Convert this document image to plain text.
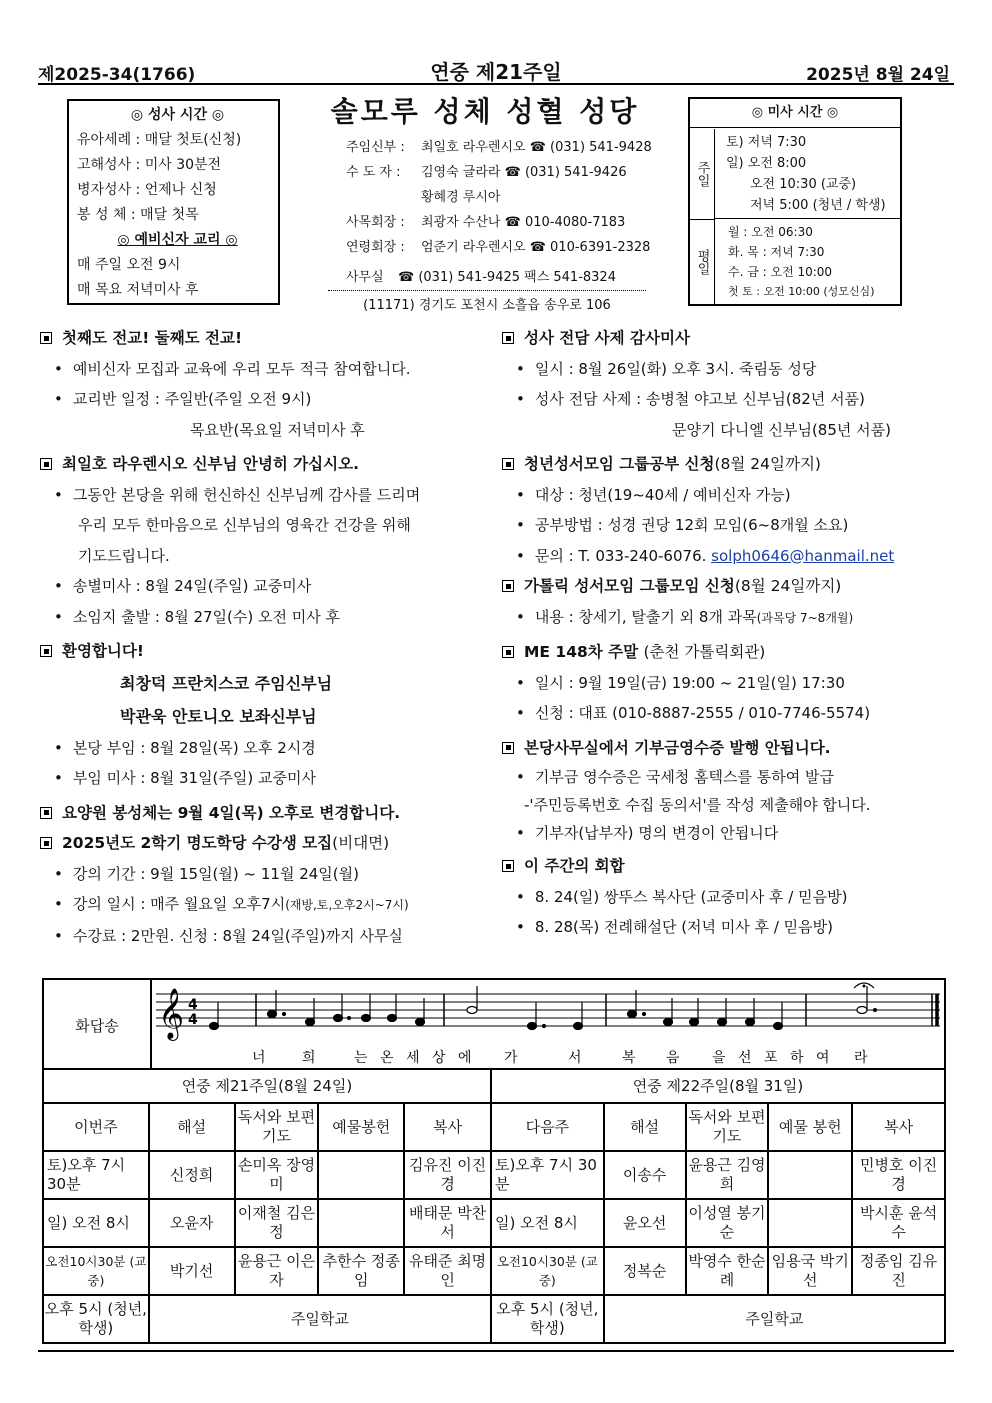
제2025-34(1766)	연중 제21주일	2025년 8월 24일
◎ 성사 시간 ◎
유아세례 : 매달 첫토(신청)
고해성사 : 미사 30분전
병자성사 : 언제나 신청
봉 성 체 : 매달 첫목
◎ 예비신자 교리 ◎
매 주일 오전 9시
매 목요 저녁미사 후
솔모루 성체 성혈 성당
주임신부 : 최일호 라우렌시오 ☎ (031) 541-9428
수 도 자 : 김영숙 글라라 ☎ (031) 541-9426
황혜경 루시아
사목회장 : 최광자 수산나 ☎ 010-4080-7183
연령회장 : 엄준기 라우렌시오 ☎ 010-6391-2328
사무실 ☎ (031) 541-9425 팩스 541-8324
(11171) 경기도 포천시 소흘읍 송우로 106
◎ 미사 시간 ◎
주일
토) 저녁 7:30
일) 오전 8:00
오전 10:30 (교중)
저녁 5:00 (청년 / 학생)
평일
월 : 오전 06:30
화. 목 : 저녁 7:30
수. 금 : 오전 10:00
첫 토 : 오전 10:00 (성모신심)
첫째도 전교! 둘째도 전교!
• 예비신자 모집과 교육에 우리 모두 적극 참여합니다.
• 교리반 일정 : 주일반(주일 오전 9시)
목요반(목요일 저녁미사 후
최일호 라우렌시오 신부님 안녕히 가십시오.
• 그동안 본당을 위해 헌신하신 신부님께 감사를 드리며
우리 모두 한마음으로 신부님의 영육간 건강을 위해
기도드립니다.
• 송별미사 : 8월 24일(주일) 교중미사
• 소임지 출발 : 8월 27일(수) 오전 미사 후
환영합니다!
최창덕 프란치스코 주임신부님
박관욱 안토니오 보좌신부님
• 본당 부임 : 8월 28일(목) 오후 2시경
• 부임 미사 : 8월 31일(주일) 교중미사
요양원 봉성체는 9월 4일(목) 오후로 변경합니다.
2025년도 2학기 명도학당 수강생 모집(비대면)
• 강의 기간 : 9월 15일(월) ~ 11월 24일(월)
• 강의 일시 : 매주 월요일 오후7시(재방,토,오후2시~7시)
• 수강료 : 2만원. 신청 : 8월 24일(주일)까지 사무실
성사 전담 사제 감사미사
• 일시 : 8월 26일(화) 오후 3시. 죽림동 성당
• 성사 전담 사제 : 송병철 야고보 신부님(82년 서품)
문양기 다니엘 신부님(85년 서품)
청년성서모임 그룹공부 신청(8월 24일까지)
• 대상 : 청년(19~40세 / 예비신자 가능)
• 공부방법 : 성경 권당 12회 모임(6~8개월 소요)
• 문의 : T. 033-240-6076. solph0646@hanmail.net
가톨릭 성서모임 그룹모임 신청(8월 24일까지)
• 내용 : 창세기, 탈출기 외 8개 과목(과목당 7~8개월)
ME 148차 주말 (춘천 가톨릭회관)
• 일시 : 9월 19일(금) 19:00 ~ 21일(일) 17:30
• 신청 : 대표 (010-8887-2555 / 010-7746-5574)
본당사무실에서 기부금영수증 발행 안됩니다.
• 기부금 영수증은 국세청 홈텍스를 통하여 발급
-'주민등록번호 수집 동의서'를 작성 제출해야 합니다.
• 기부자(납부자) 명의 변경이 안됩니다
이 주간의 회합
• 8. 24(일) 쌍뚜스 복사단 (교중미사 후 / 믿음방)
• 8. 28(목) 전례해설단 (저녁 미사 후 / 믿음방)
화답송 𝄞 4
4
너	희	는 온 세 상 에 가	서	복 음 을 선 포 하 여 라
연중 제21주일(8월 24일)					연중 제22주일(8월 31일)				
이번주	해설	독서와 보편기도	예물봉헌	복사	다음주	해설	독서와 보편기도	예물 봉헌	복사
토)오후 7시 30분	신정희	손미옥 장영미		김유진 이진경	토)오후 7시 30분	이송수	윤용근 김영희		민병호 이진경
일) 오전 8시	오윤자	이재철 김은정		배태문 박찬서	일) 오전 8시	윤오선	이성열 봉기순		박시훈 윤석수
오전10시30분 (교중)	박기선	윤용근 이은자	추한수 정종임	유태준 최명인	오전10시30분 (교중)	정복순	박영수 한순례	임용국 박기선	정종임 김유진
오후 5시 (청년,학생)	주일학교				오후 5시 (청년,학생)	주일학교			
